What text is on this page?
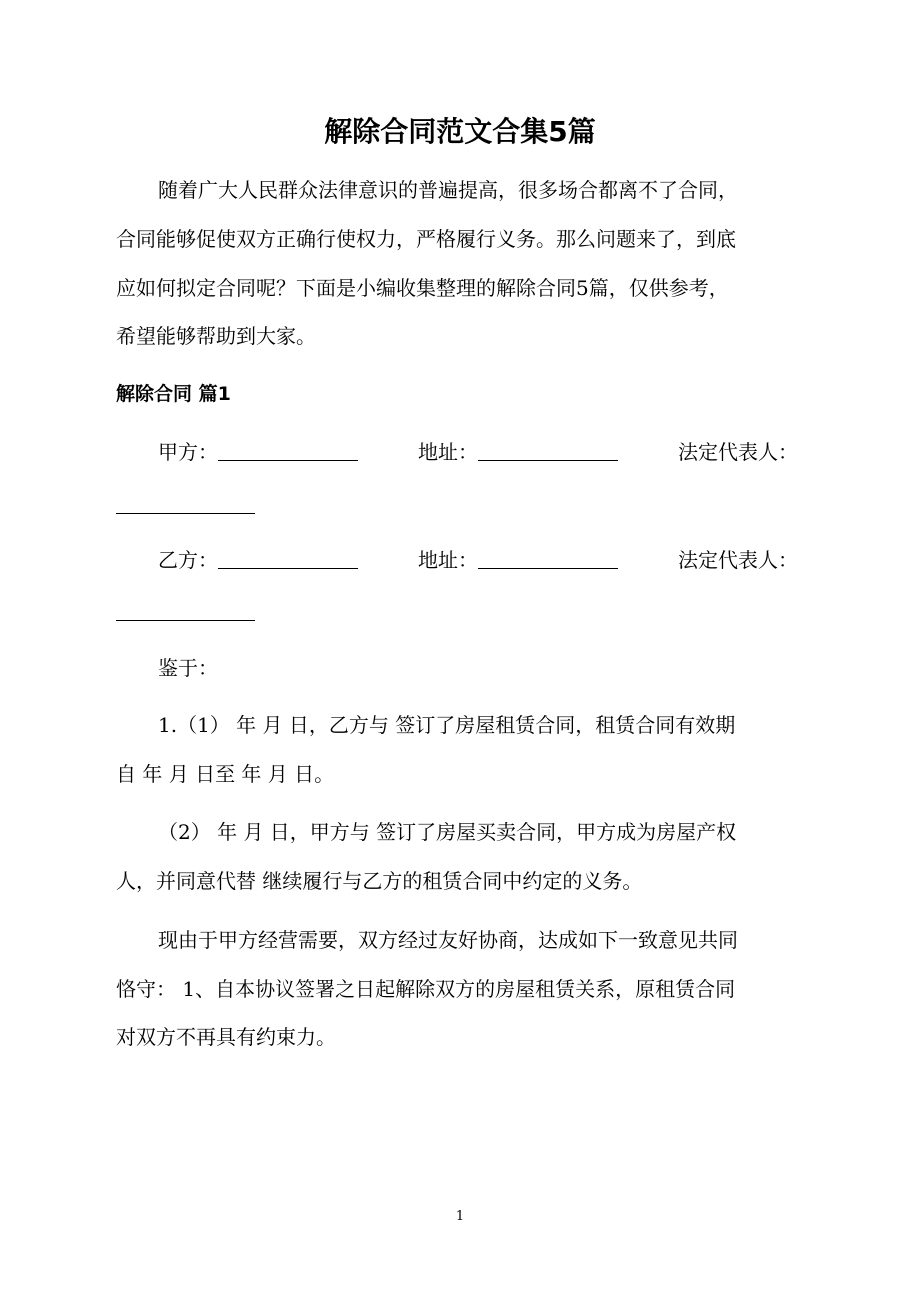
解除合同范文合集5篇
随着广大人民群众法律意识的普遍提高，很多场合都离不了合同，
合同能够促使双方正确行使权力，严格履行义务。那么问题来了，到底
应如何拟定合同呢？下面是小编收集整理的解除合同5篇，仅供参考，
希望能够帮助到大家。
解除合同 篇1
甲方：	地址：	法定代表人：
乙方：	地址：	法定代表人：
鉴于：
1.（1） 年 月 日，乙方与 签订了房屋租赁合同，租赁合同有效期
自 年 月 日至 年 月 日。
（2） 年 月 日，甲方与 签订了房屋买卖合同，甲方成为房屋产权
人，并同意代替 继续履行与乙方的租赁合同中约定的义务。
现由于甲方经营需要，双方经过友好协商，达成如下一致意见共同
恪守： 1、自本协议签署之日起解除双方的房屋租赁关系，原租赁合同
对双方不再具有约束力。
1
